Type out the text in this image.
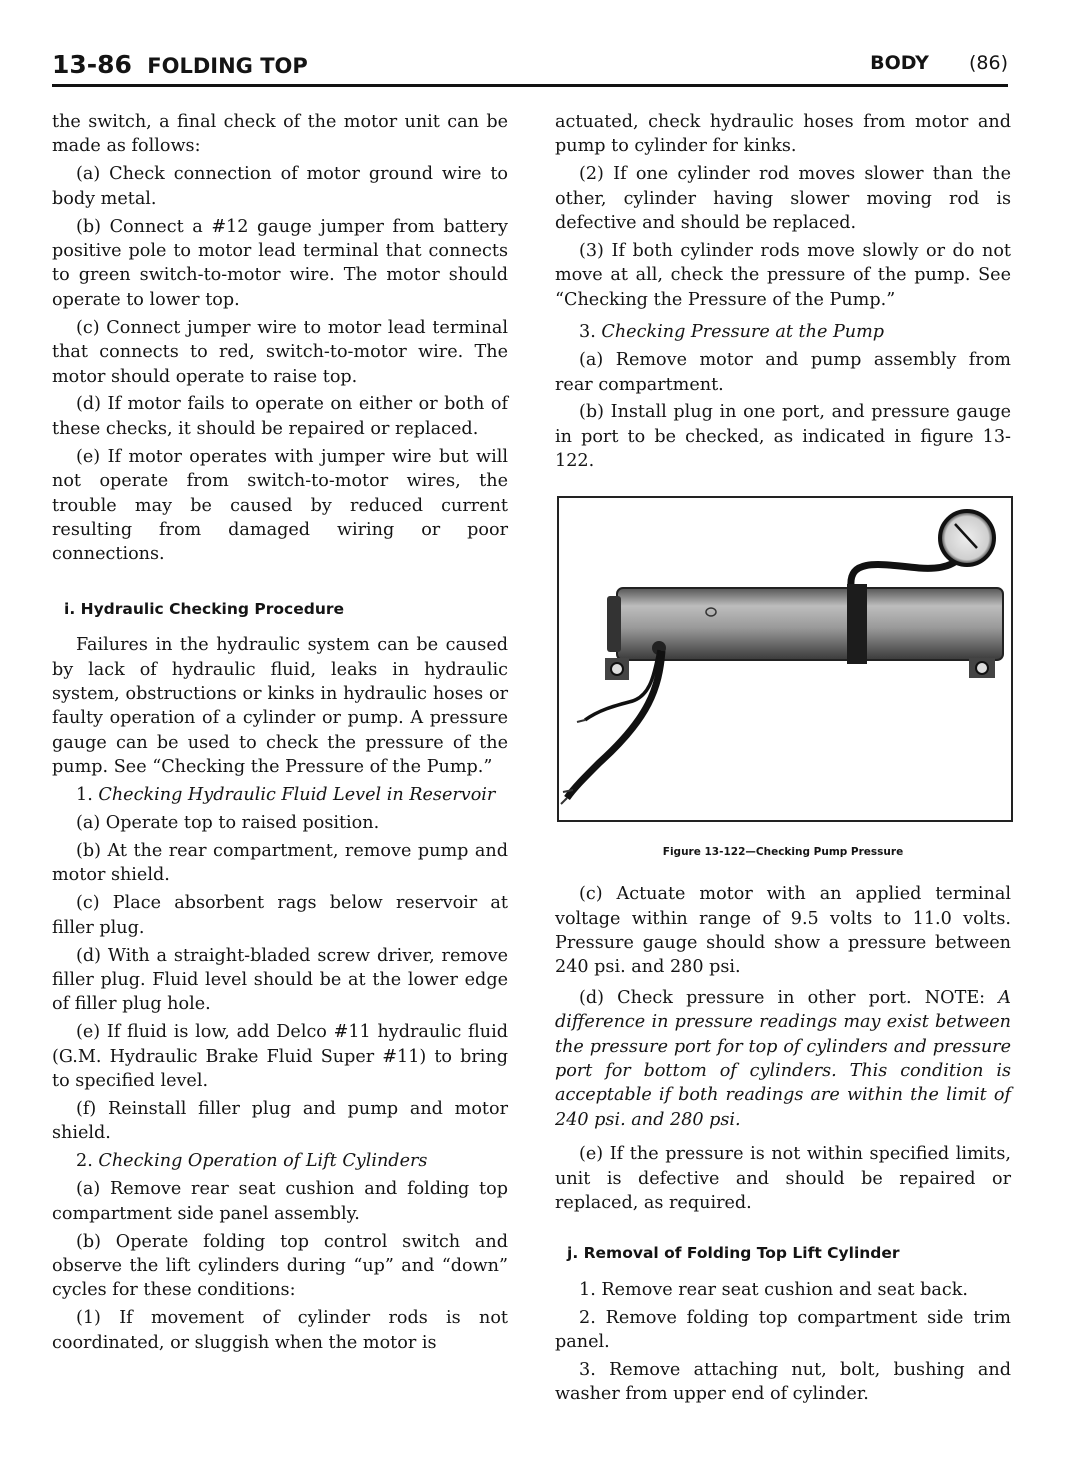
13-86 FOLDING TOP	BODY (86)

the switch, a final check of the motor unit can be made as follows:

(a) Check connection of motor ground wire to body metal.

(b) Connect a #12 gauge jumper from battery positive pole to motor lead terminal that connects to green switch-to-motor wire. The motor should operate to lower top.

(c) Connect jumper wire to motor lead terminal that connects to red, switch-to-motor wire. The motor should operate to raise top.

(d) If motor fails to operate on either or both of these checks, it should be repaired or replaced.

(e) If motor operates with jumper wire but will not operate from switch-to-motor wires, the trouble may be caused by reduced current resulting from damaged wiring or poor connections.

i. Hydraulic Checking Procedure

Failures in the hydraulic system can be caused by lack of hydraulic fluid, leaks in hydraulic system, obstructions or kinks in hydraulic hoses or faulty operation of a cylinder or pump. A pressure gauge can be used to check the pressure of the pump. See “Checking the Pressure of the Pump.”

1. Checking Hydraulic Fluid Level in Reservoir

(a) Operate top to raised position.

(b) At the rear compartment, remove pump and motor shield.

(c) Place absorbent rags below reservoir at filler plug.

(d) With a straight-bladed screw driver, remove filler plug. Fluid level should be at the lower edge of filler plug hole.

(e) If fluid is low, add Delco #11 hydraulic fluid (G.M. Hydraulic Brake Fluid Super #11) to bring to specified level.

(f) Reinstall filler plug and pump and motor shield.

2. Checking Operation of Lift Cylinders

(a) Remove rear seat cushion and folding top compartment side panel assembly.

(b) Operate folding top control switch and observe the lift cylinders during “up” and “down” cycles for these conditions:

(1) If movement of cylinder rods is not coordinated, or sluggish when the motor is

actuated, check hydraulic hoses from motor and pump to cylinder for kinks.

(2) If one cylinder rod moves slower than the other, cylinder having slower moving rod is defective and should be replaced.

(3) If both cylinder rods move slowly or do not move at all, check the pressure of the pump. See “Checking the Pressure of the Pump.”

3. Checking Pressure at the Pump

(a) Remove motor and pump assembly from rear compartment.

(b) Install plug in one port, and pressure gauge in port to be checked, as indicated in figure 13-122.

Figure 13-122—Checking Pump Pressure

(c) Actuate motor with an applied terminal voltage within range of 9.5 volts to 11.0 volts. Pressure gauge should show a pressure between 240 psi. and 280 psi.

(d) Check pressure in other port. NOTE: A difference in pressure readings may exist between the pressure port for top of cylinders and pressure port for bottom of cylinders. This condition is acceptable if both readings are within the limit of 240 psi. and 280 psi.

(e) If the pressure is not within specified limits, unit is defective and should be repaired or replaced, as required.

j. Removal of Folding Top Lift Cylinder

1. Remove rear seat cushion and seat back.

2. Remove folding top compartment side trim panel.

3. Remove attaching nut, bolt, bushing and washer from upper end of cylinder.
